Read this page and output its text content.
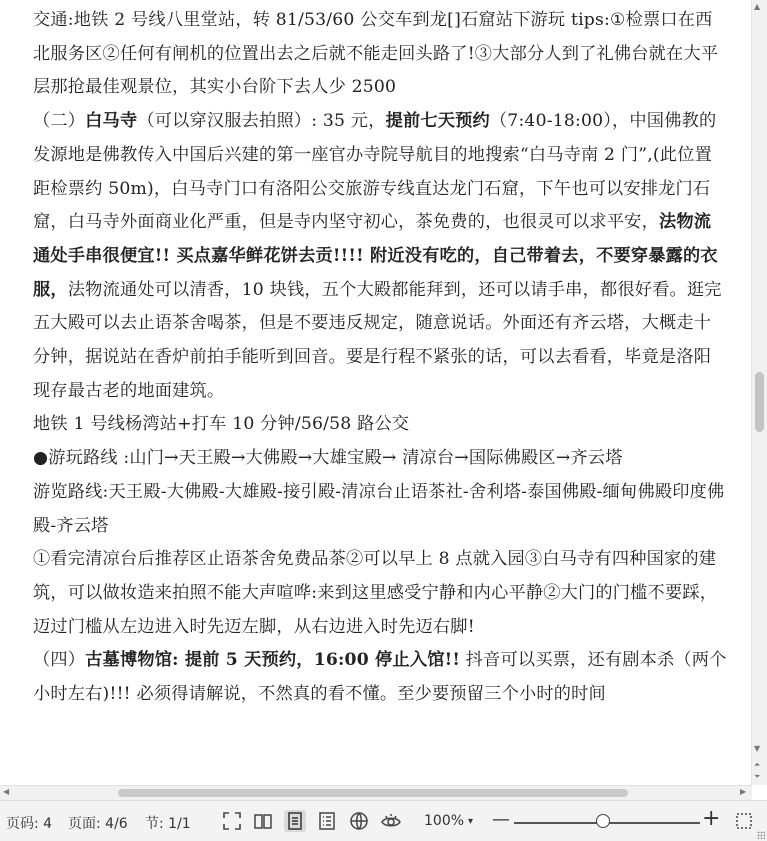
交通:地铁 2 号线八里堂站，转 81/53/60 公交车到龙[]石窟站下游玩 tips:①检票口在西北服务区②任何有闸机的位置出去之后就不能走回头路了!③大部分人到了礼佛台就在大平层那抢最佳观景位，其实小台阶下去人少 2500

（二）白马寺（可以穿汉服去拍照）: 35 元，提前七天预约（7:40-18:00），中国佛教的发源地是佛教传入中国后兴建的第一座官办寺院导航目的地搜索“白马寺南 2 门”,(此位置距检票约 50m)，白马寺门口有洛阳公交旅游专线直达龙门石窟，下午也可以安排龙门石窟，白马寺外面商业化严重，但是寺内坚守初心，茶免费的，也很灵可以求平安，法物流通处手串很便宜!! 买点嘉华鲜花饼去贡!!!! 附近没有吃的，自己带着去，不要穿暴露的衣服，法物流通处可以清香，10 块钱，五个大殿都能拜到，还可以请手串，都很好看。逛完五大殿可以去止语茶舍喝茶，但是不要违反规定，随意说话。外面还有齐云塔，大概走十分钟，据说站在香炉前拍手能听到回音。要是行程不紧张的话，可以去看看，毕竟是洛阳现存最古老的地面建筑。

地铁 1 号线杨湾站+打车 10 分钟/56/58 路公交

●游玩路线 :山门→天王殿→大佛殿→大雄宝殿→ 清凉台→国际佛殿区→齐云塔

游览路线:天王殿-大佛殿-大雄殿-接引殿-清凉台止语茶社-舍利塔-泰国佛殿-缅甸佛殿印度佛殿-齐云塔

①看完清凉台后推荐区止语茶舍免费品茶②可以早上 8 点就入园③白马寺有四种国家的建筑，可以做妆造来拍照不能大声喧哗:来到这里感受宁静和内心平静②大门的门槛不要踩，迈过门槛从左边进入时先迈左脚，从右边进入时先迈右脚!

（四）古墓博物馆: 提前 5 天预约，16:00 停止入馆!! 抖音可以买票，还有剧本杀（两个小时左右)!!! 必须得请解说，不然真的看不懂。至少要预留三个小时的时间

▲
▼
⏶
⏷
◀	▶
页码: 4 页面: 4/6 节: 1/1	100% ▾ —	+
